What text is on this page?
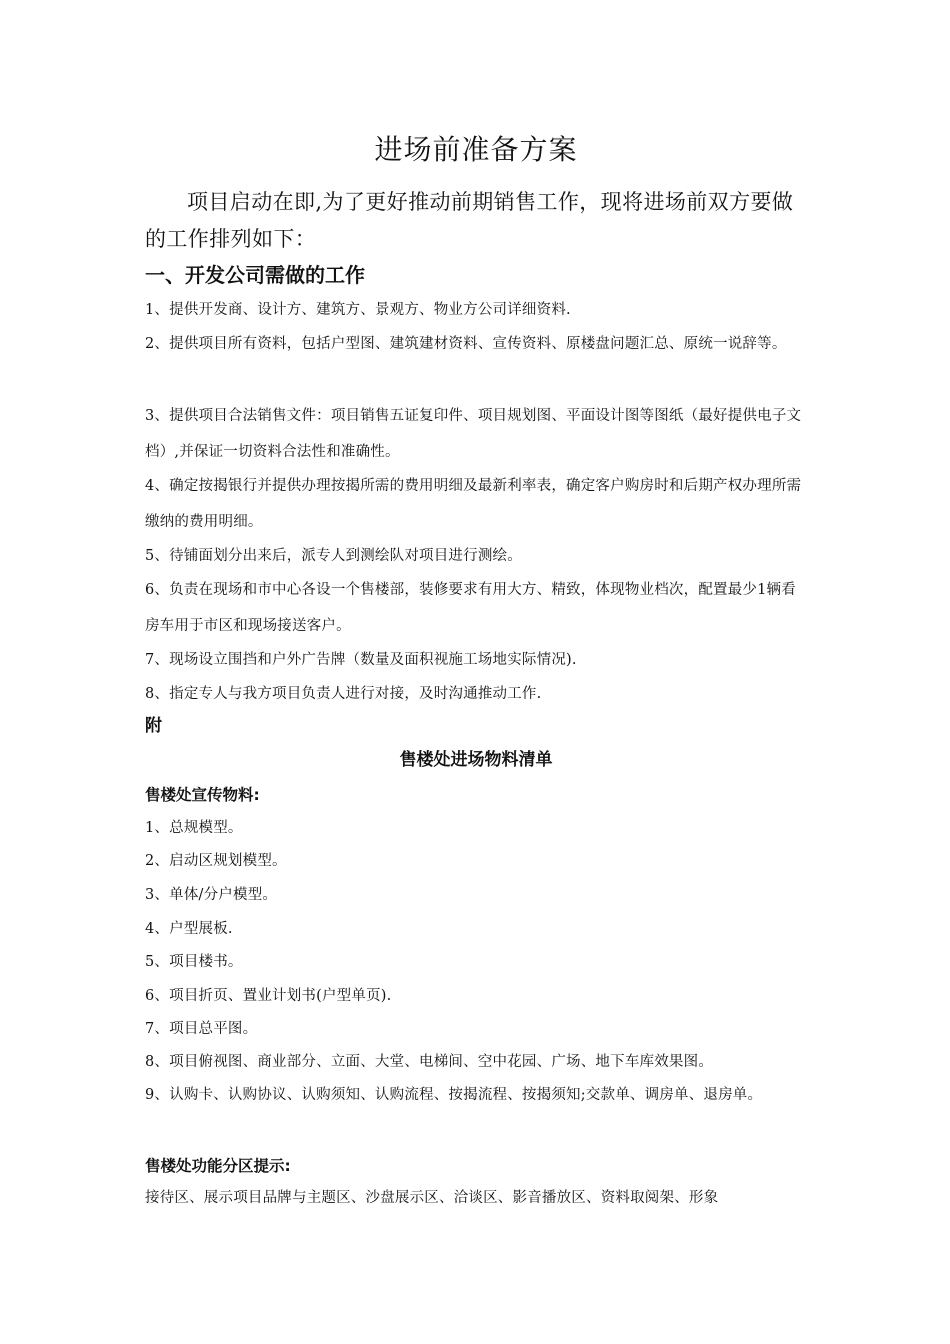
进场前准备方案

项目启动在即,为了更好推动前期销售工作，现将进场前双方要做的工作排列如下：

一、开发公司需做的工作

1、提供开发商、设计方、建筑方、景观方、物业方公司详细资料.

2、提供项目所有资料，包括户型图、建筑建材资料、宣传资料、原楼盘问题汇总、原统一说辞等。

3、提供项目合法销售文件：项目销售五证复印件、项目规划图、平面设计图等图纸（最好提供电子文档）,并保证一切资料合法性和准确性。

4、确定按揭银行并提供办理按揭所需的费用明细及最新利率表，确定客户购房时和后期产权办理所需缴纳的费用明细。

5、待铺面划分出来后，派专人到测绘队对项目进行测绘。

6、负责在现场和市中心各设一个售楼部，装修要求有用大方、精致，体现物业档次，配置最少1辆看房车用于市区和现场接送客户。

7、现场设立围挡和户外广告牌（数量及面积视施工场地实际情况).

8、指定专人与我方项目负责人进行对接，及时沟通推动工作.

附
售楼处进场物料清单
售楼处宣传物料:

1、总规模型。

2、启动区规划模型。

3、单体/分户模型。

4、户型展板.

5、项目楼书。

6、项目折页、置业计划书(户型单页).

7、项目总平图。

8、项目俯视图、商业部分、立面、大堂、电梯间、空中花园、广场、地下车库效果图。

9、认购卡、认购协议、认购须知、认购流程、按揭流程、按揭须知;交款单、调房单、退房单。

售楼处功能分区提示:

接待区、展示项目品牌与主题区、沙盘展示区、洽谈区、影音播放区、资料取阅架、形象
